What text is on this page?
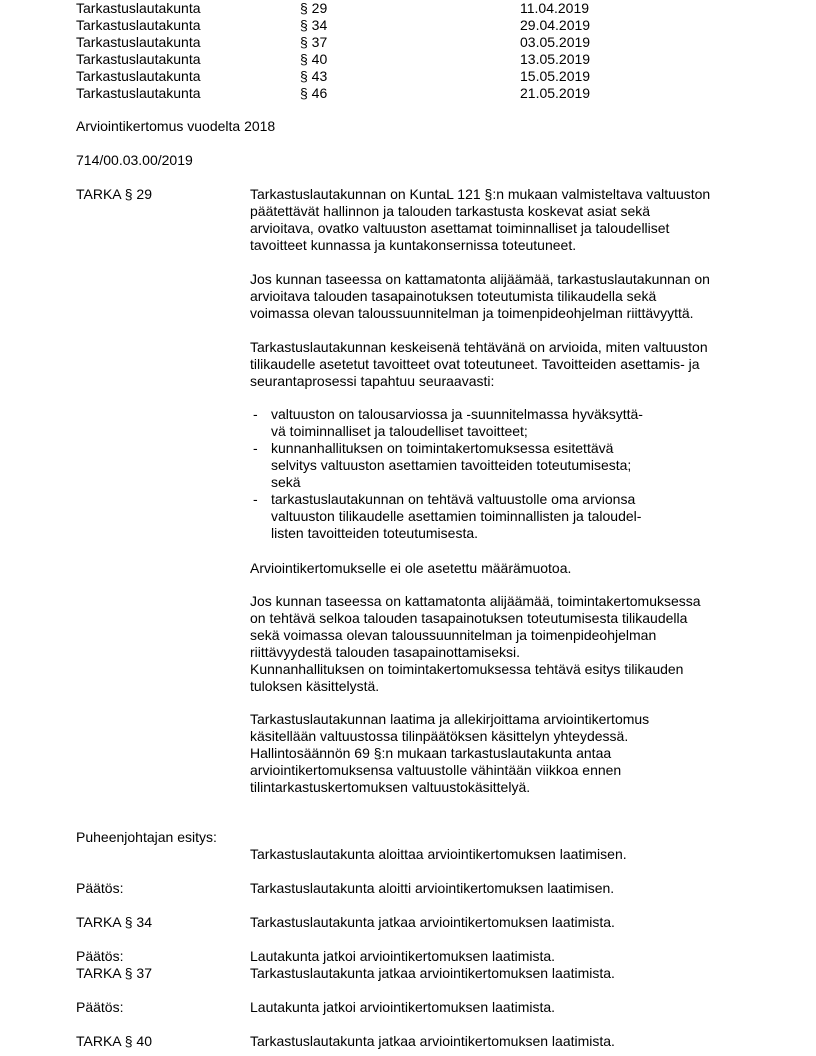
Tarkastuslautakunta	§ 29	11.04.2019
Tarkastuslautakunta	§ 34	29.04.2019
Tarkastuslautakunta	§ 37	03.05.2019
Tarkastuslautakunta	§ 40	13.05.2019
Tarkastuslautakunta	§ 43	15.05.2019
Tarkastuslautakunta	§ 46	21.05.2019
Arviointikertomus vuodelta 2018
714/00.03.00/2019
TARKA § 29	Tarkastuslautakunnan on KuntaL 121 §:n mukaan valmisteltava valtuuston
päätettävät hallinnon ja talouden tarkastusta koskevat asiat sekä
arvioitava, ovatko valtuuston asettamat toiminnalliset ja taloudelliset
tavoitteet kunnassa ja kuntakonsernissa toteutuneet.
Jos kunnan taseessa on kattamatonta alijäämää, tarkastuslautakunnan on
arvioitava talouden tasapainotuksen toteutumista tilikaudella sekä
voimassa olevan taloussuunnitelman ja toimenpideohjelman riittävyyttä.
Tarkastuslautakunnan keskeisenä tehtävänä on arvioida, miten valtuuston
tilikaudelle asetetut tavoitteet ovat toteutuneet. Tavoitteiden asettamis- ja
seurantaprosessi tapahtuu seuraavasti:
- valtuuston on talousarviossa ja -suunnitelmassa hyväksyttä-
vä toiminnalliset ja taloudelliset tavoitteet;
- kunnanhallituksen on toimintakertomuksessa esitettävä
selvitys valtuuston asettamien tavoitteiden toteutumisesta;
sekä
- tarkastuslautakunnan on tehtävä valtuustolle oma arvionsa
valtuuston tilikaudelle asettamien toiminnallisten ja taloudel-
listen tavoitteiden toteutumisesta.
Arviointikertomukselle ei ole asetettu määrämuotoa.
Jos kunnan taseessa on kattamatonta alijäämää, toimintakertomuksessa
on tehtävä selkoa talouden tasapainotuksen toteutumisesta tilikaudella
sekä voimassa olevan taloussuunnitelman ja toimenpideohjelman
riittävyydestä talouden tasapainottamiseksi.
Kunnanhallituksen on toimintakertomuksessa tehtävä esitys tilikauden
tuloksen käsittelystä.
Tarkastuslautakunnan laatima ja allekirjoittama arviointikertomus
käsitellään valtuustossa tilinpäätöksen käsittelyn yhteydessä.
Hallintosäännön 69 §:n mukaan tarkastuslautakunta antaa
arviointikertomuksensa valtuustolle vähintään viikkoa ennen
tilintarkastuskertomuksen valtuustokäsittelyä.
Puheenjohtajan esitys:
Tarkastuslautakunta aloittaa arviointikertomuksen laatimisen.
Päätös:	Tarkastuslautakunta aloitti arviointikertomuksen laatimisen.
TARKA § 34	Tarkastuslautakunta jatkaa arviointikertomuksen laatimista.
Päätös:	Lautakunta jatkoi arviointikertomuksen laatimista.
TARKA § 37	Tarkastuslautakunta jatkaa arviointikertomuksen laatimista.
Päätös:	Lautakunta jatkoi arviointikertomuksen laatimista.
TARKA § 40	Tarkastuslautakunta jatkaa arviointikertomuksen laatimista.
